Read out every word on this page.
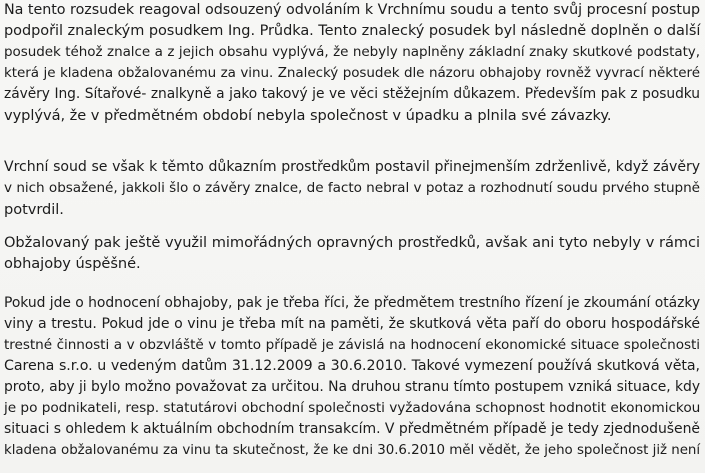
Na tento rozsudek reagoval odsouzený odvoláním k Vrchnímu soudu a tento svůj procesní postup
podpořil znaleckým posudkem Ing. Průdka. Tento znalecký posudek byl následně doplněn o další
posudek téhož znalce a z jejich obsahu vyplývá, že nebyly naplněny základní znaky skutkové podstaty,
která je kladena obžalovanému za vinu. Znalecký posudek dle názoru obhajoby rovněž vyvrací některé
závěry Ing. Sítařové- znalkyně a jako takový je ve věci stěžejním důkazem. Především pak z posudku
vyplývá, že v předmětném období nebyla společnost v úpadku a plnila své závazky.

Vrchní soud se však k těmto důkazním prostředkům postavil přinejmenším zdrženlivě, když závěry
v nich obsažené, jakkoli šlo o závěry znalce, de facto nebral v potaz a rozhodnutí soudu prvého stupně
potvrdil.

Obžalovaný pak ještě využil mimořádných opravných prostředků, avšak ani tyto nebyly v rámci
obhajoby úspěšné.

Pokud jde o hodnocení obhajoby, pak je třeba říci, že předmětem trestního řízení je zkoumání otázky
viny a trestu. Pokud jde o vinu je třeba mít na paměti, že skutková věta paří do oboru hospodářské
trestné činnosti a v obzvláště v tomto případě je závislá na hodnocení ekonomické situace společnosti
Carena s.r.o. u vedeným datům 31.12.2009 a 30.6.2010. Takové vymezení používá skutková věta,
proto, aby ji bylo možno považovat za určitou. Na druhou stranu tímto postupem vzniká situace, kdy
je po podnikateli, resp. statutárovi obchodní společnosti vyžadována schopnost hodnotit ekonomickou
situaci s ohledem k aktuálním obchodním transakcím. V předmětném případě je tedy zjednodušeně
kladena obžalovanému za vinu ta skutečnost, že ke dni 30.6.2010 měl vědět, že jeho společnost již není
